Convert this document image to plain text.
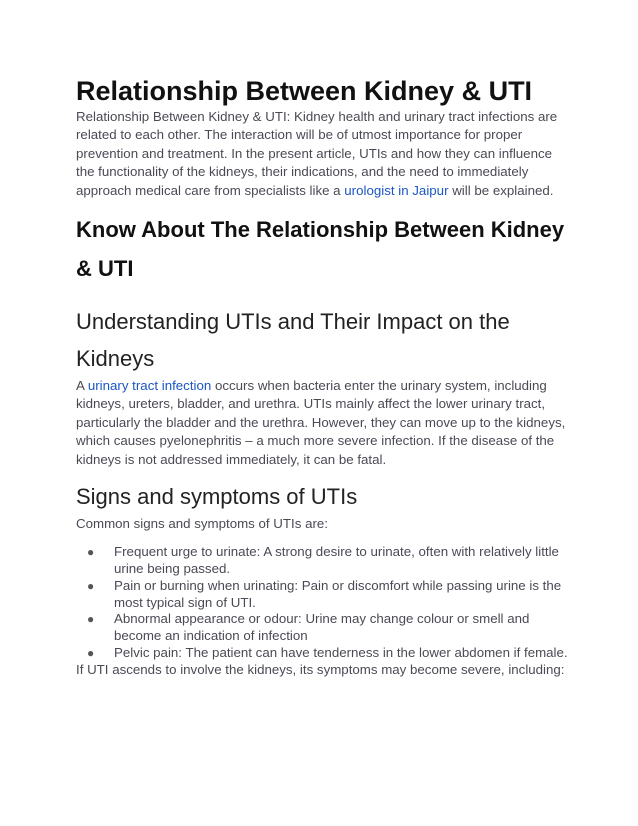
Relationship Between Kidney & UTI

Relationship Between Kidney & UTI: Kidney health and urinary tract infections are related to each other. The interaction will be of utmost importance for proper prevention and treatment. In the present article, UTIs and how they can influence the functionality of the kidneys, their indications, and the need to immediately approach medical care from specialists like a urologist in Jaipur will be explained.

Know About The Relationship Between Kidney & UTI
Understanding UTIs and Their Impact on the Kidneys

A urinary tract infection occurs when bacteria enter the urinary system, including kidneys, ureters, bladder, and urethra. UTIs mainly affect the lower urinary tract, particularly the bladder and the urethra. However, they can move up to the kidneys, which causes pyelonephritis – a much more severe infection. If the disease of the kidneys is not addressed immediately, it can be fatal.

Signs and symptoms of UTIs

Common signs and symptoms of UTIs are:

● Frequent urge to urinate: A strong desire to urinate, often with relatively little urine being passed.
● Pain or burning when urinating: Pain or discomfort while passing urine is the most typical sign of UTI.
● Abnormal appearance or odour: Urine may change colour or smell and become an indication of infection
● Pelvic pain: The patient can have tenderness in the lower abdomen if female.

If UTI ascends to involve the kidneys, its symptoms may become severe, including:
